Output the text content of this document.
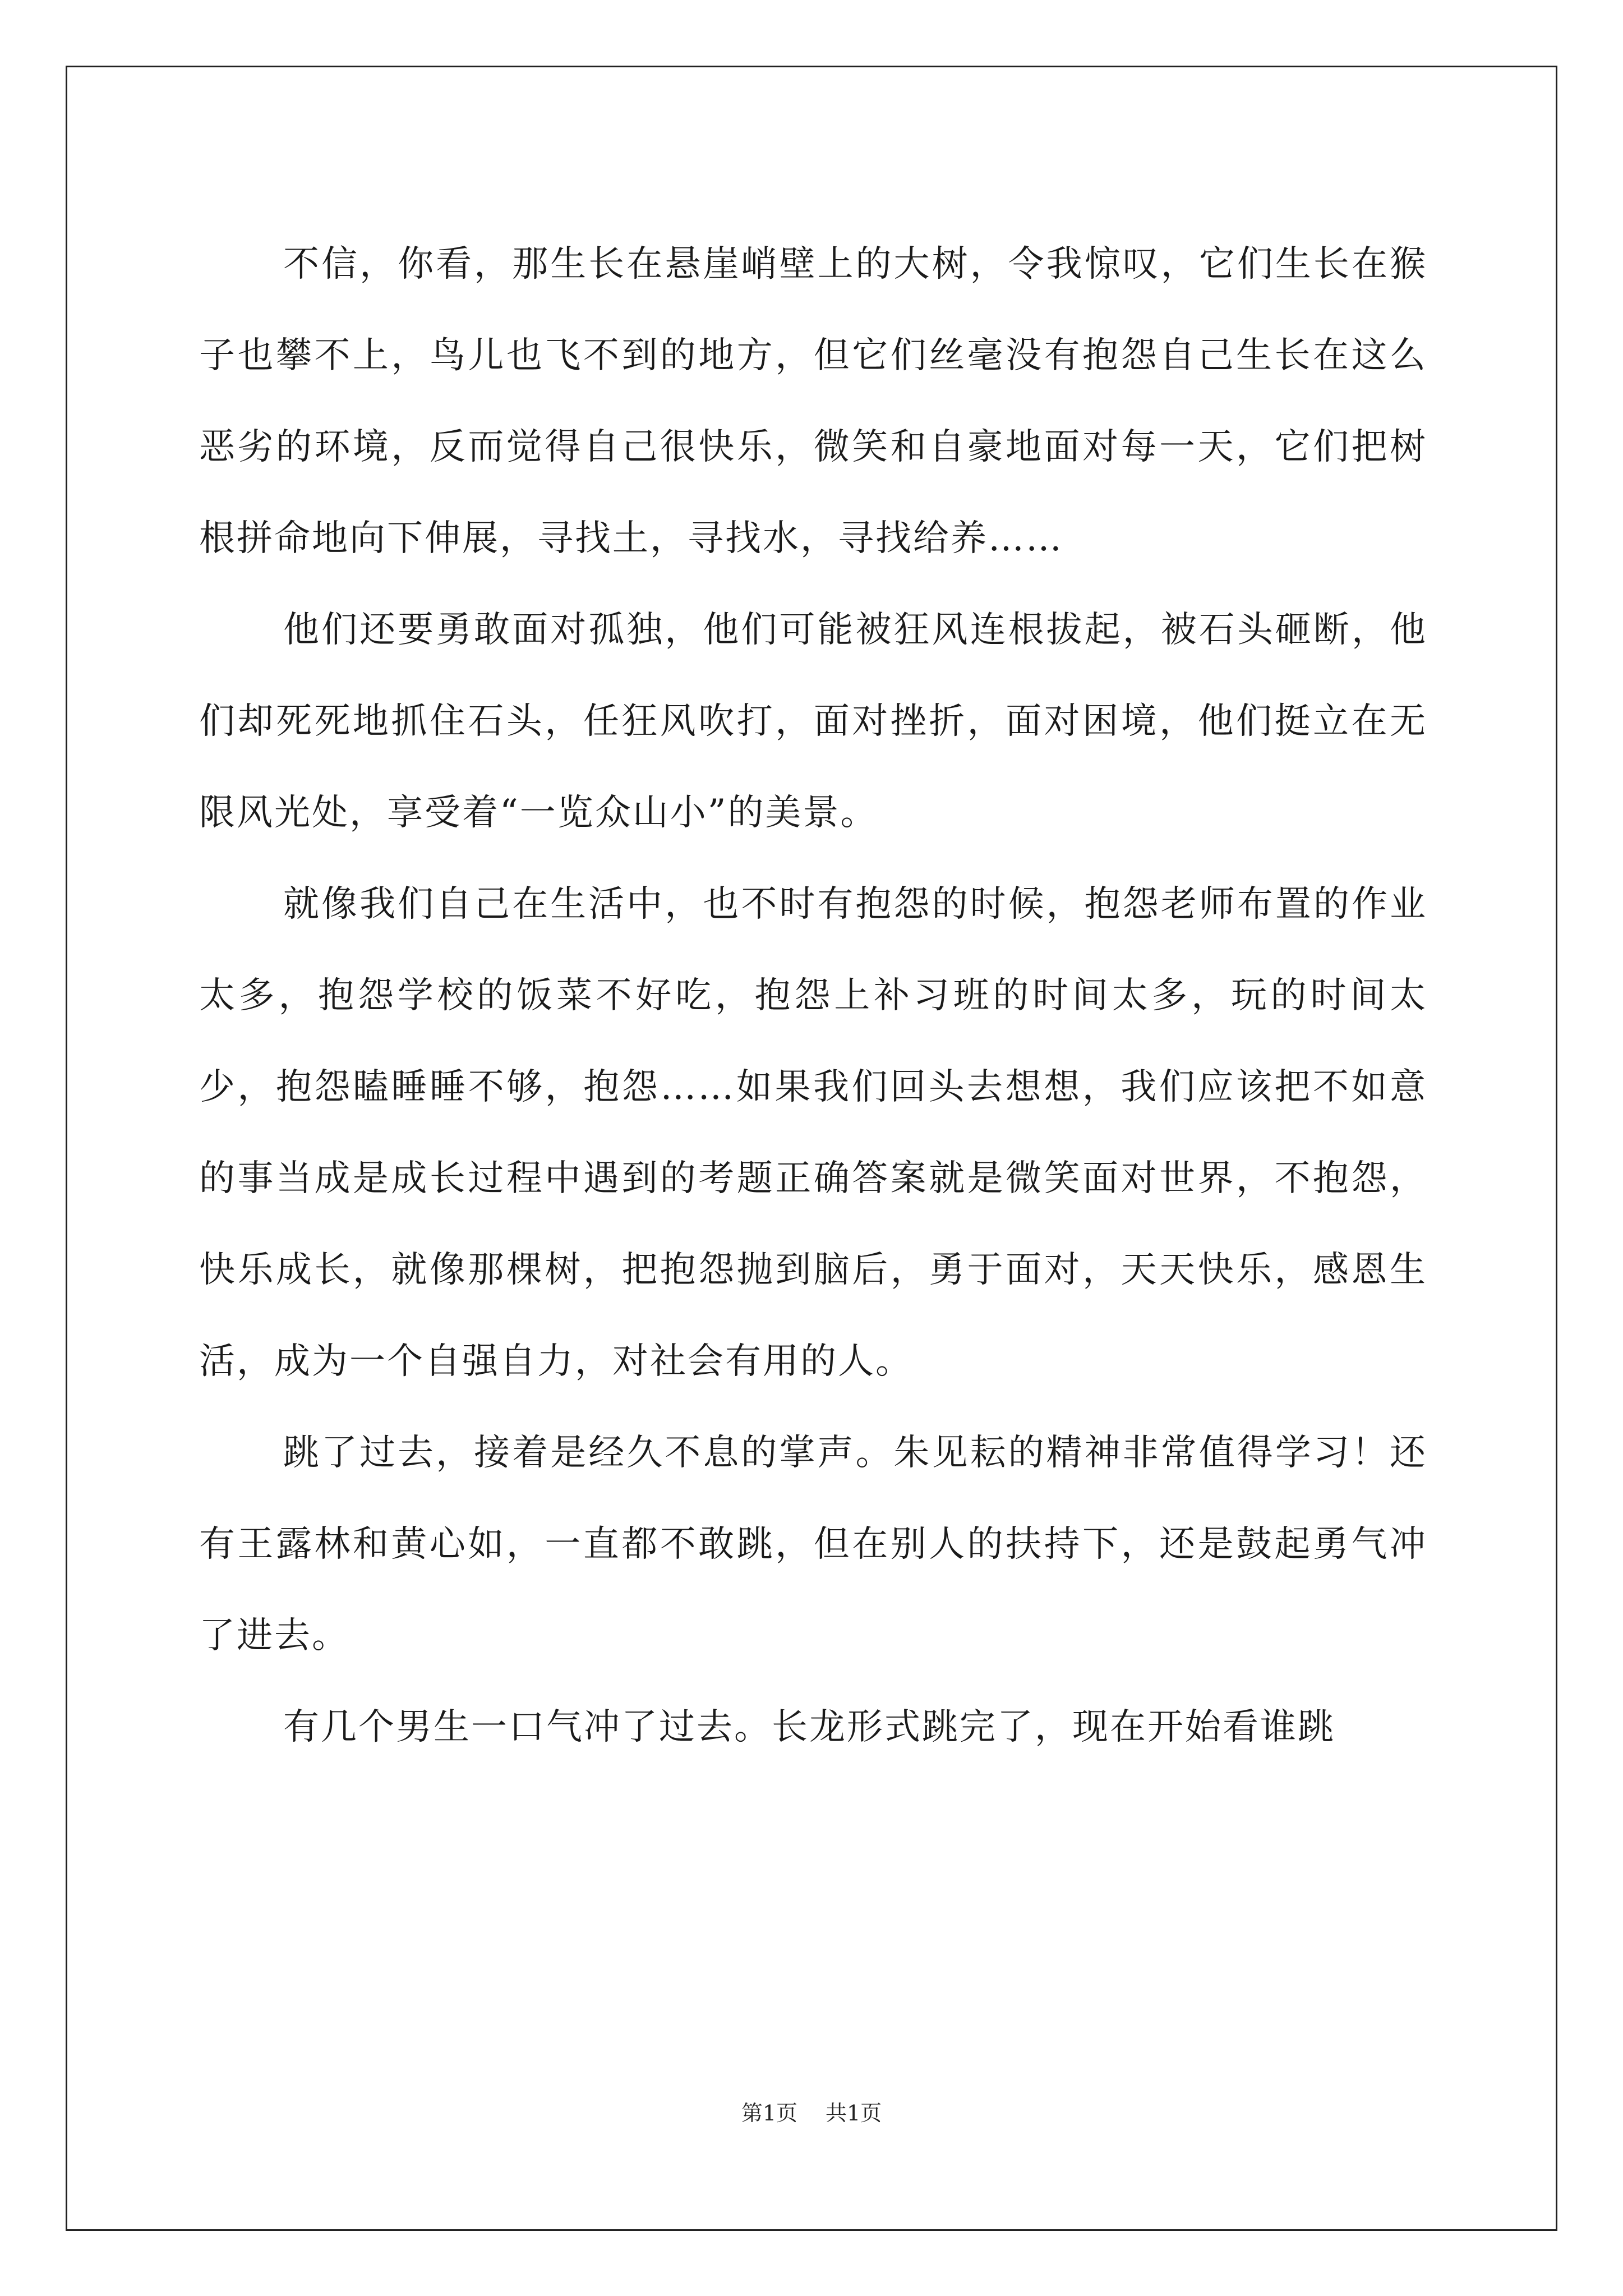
不信，你看，那生长在悬崖峭壁上的大树，令我惊叹，它们生长在猴子也攀不上，鸟儿也飞不到的地方，但它们丝毫没有抱怨自己生长在这么恶劣的环境，反而觉得自己很快乐，微笑和自豪地面对每一天，它们把树根拼命地向下伸展，寻找土，寻找水，寻找给养……

他们还要勇敢面对孤独，他们可能被狂风连根拔起，被石头砸断，他们却死死地抓住石头，任狂风吹打，面对挫折，面对困境，他们挺立在无限风光处，享受着“一览众山小”的美景。

就像我们自己在生活中，也不时有抱怨的时候，抱怨老师布置的作业太多，抱怨学校的饭菜不好吃，抱怨上补习班的时间太多，玩的时间太少，抱怨瞌睡睡不够，抱怨……如果我们回头去想想，我们应该把不如意的事当成是成长过程中遇到的考题正确答案就是微笑面对世界，不抱怨，快乐成长，就像那棵树，把抱怨抛到脑后，勇于面对，天天快乐，感恩生活，成为一个自强自力，对社会有用的人。

跳了过去，接着是经久不息的掌声。朱见耘的精神非常值得学习！还有王露林和黄心如，一直都不敢跳，但在别人的扶持下，还是鼓起勇气冲了进去。

有几个男生一口气冲了过去。长龙形式跳完了，现在开始看谁跳

第1页 共1页
